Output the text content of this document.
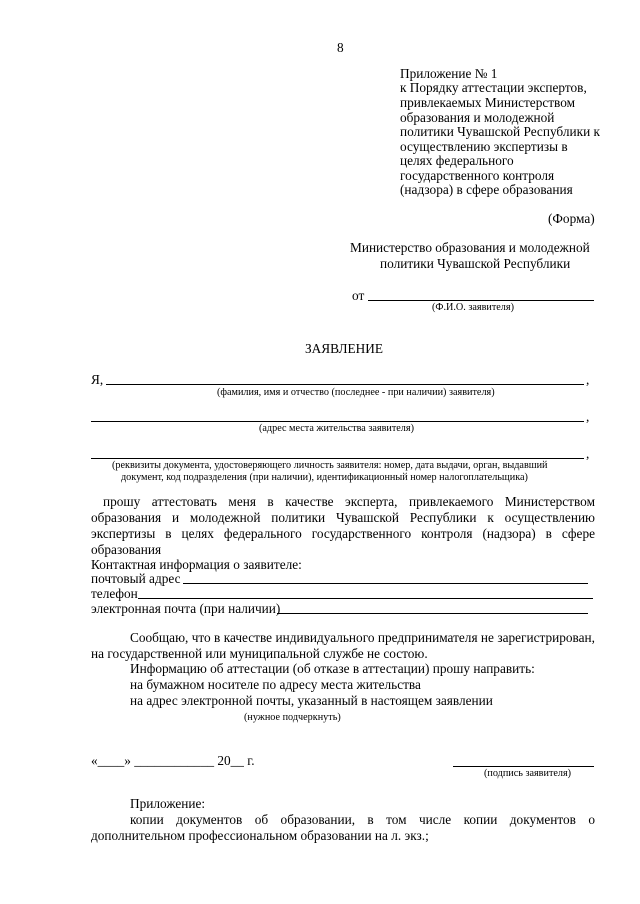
8
Приложение № 1
к Порядку аттестации экспертов,
привлекаемых Министерством
образования и молодежной
политики Чувашской Республики к
осуществлению экспертизы в
целях федерального
государственного контроля
(надзора) в сфере образования
(Форма)
Министерство образования и молодежной
политики Чувашской Республики
от
(Ф.И.О. заявителя)
ЗАЯВЛЕНИЕ
Я,	,
(фамилия, имя и отчество (последнее - при наличии) заявителя)
,
(адрес места жительства заявителя)
,
(реквизиты документа, удостоверяющего личность заявителя: номер, дата выдачи, орган, выдавший
документ, код подразделения (при наличии), идентификационный номер налогоплательщика)
прошу аттестовать меня в качестве эксперта, привлекаемого Министерством
образования и молодежной политики Чувашской Республики к осуществлению
экспертизы в целях федерального государственного контроля (надзора) в сфере
образования
Контактная информация о заявителе:
почтовый адрес
телефон
электронная почта (при наличии)
Сообщаю, что в качестве индивидуального предпринимателя не зарегистрирован,
на государственной или муниципальной службе не состою.
Информацию об аттестации (об отказе в аттестации) прошу направить:
на бумажном носителе по адресу места жительства
на адрес электронной почты, указанный в настоящем заявлении
(нужное подчеркнуть)
«____» ____________ 20__ г.
(подпись заявителя)
Приложение:
копии документов об образовании, в том числе копии документов о
дополнительном профессиональном образовании на л. экз.;
